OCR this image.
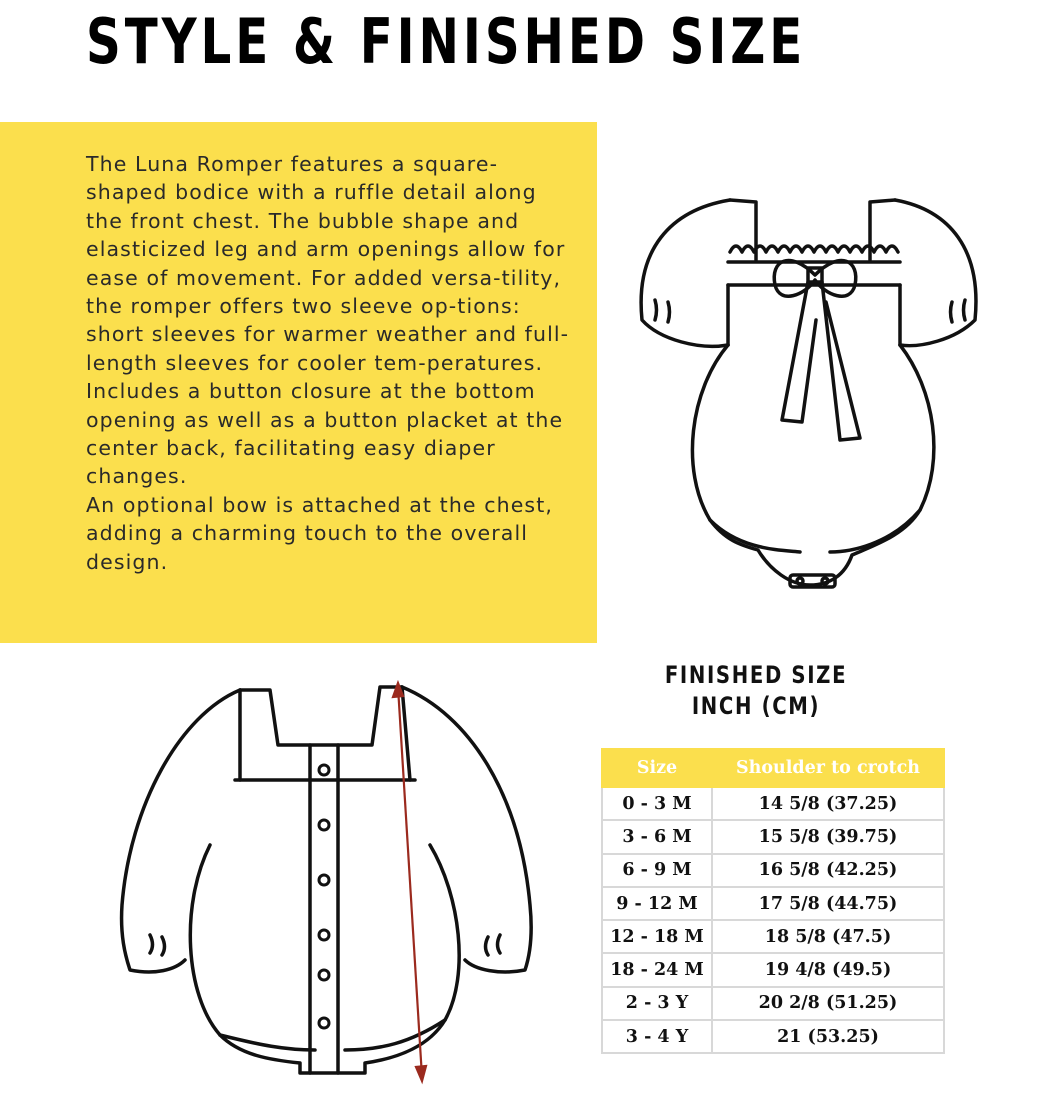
STYLE & FINISHED SIZE

The Luna Romper features a square-shaped bodice with a ruffle detail along the front chest. The bubble shape and elasticized leg and arm openings allow for ease of movement. For added versa-tility, the romper offers two sleeve op-tions: short sleeves for warmer weather and full-length sleeves for cooler tem-peratures.

Includes a button closure at the bottom opening as well as a button placket at the center back, facilitating easy diaper changes.

An optional bow is attached at the chest, adding a charming touch to the overall design.

FINISHED SIZE
INCH (CM)
Size	Shoulder to crotch
0 - 3 M	14 5/8 (37.25)
3 - 6 M	15 5/8 (39.75)
6 - 9 M	16 5/8 (42.25)
9 - 12 M	17 5/8 (44.75)
12 - 18 M	18 5/8 (47.5)
18 - 24 M	19 4/8 (49.5)
2 - 3 Y	20 2/8 (51.25)
3 - 4 Y	21 (53.25)
